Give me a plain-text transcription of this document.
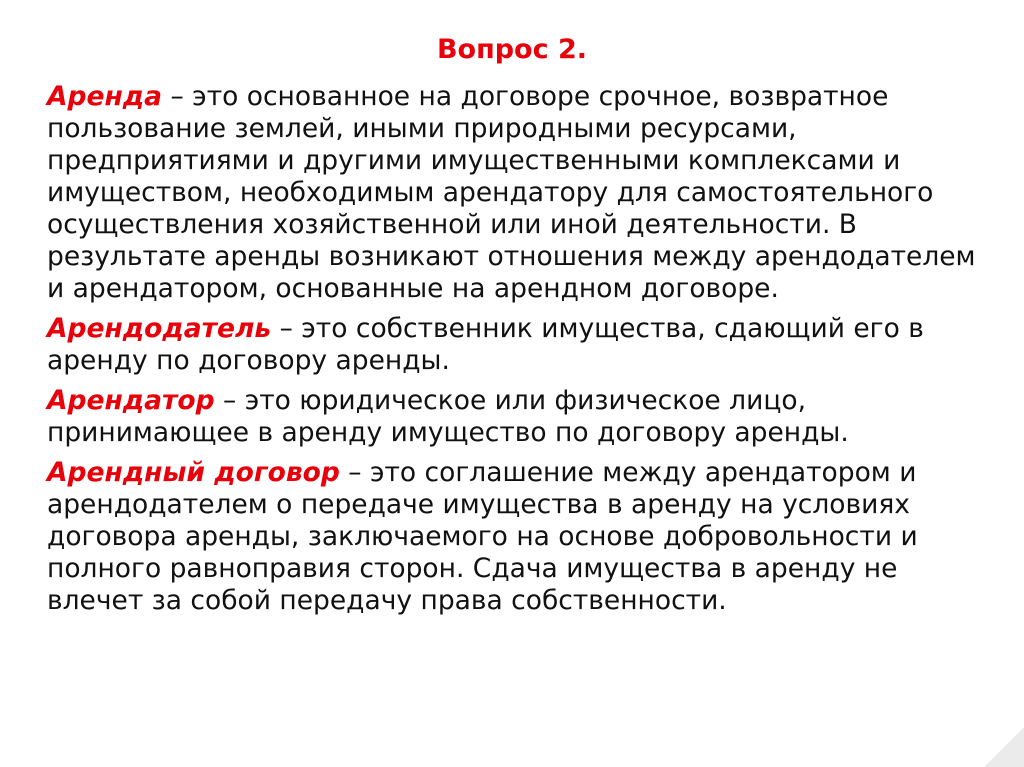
Вопрос 2.

Аренда – это основанное на договоре срочное, возвратное пользование землей, иными природными ресурсами, предприятиями и другими имущественными комплексами и имуществом, необходимым арендатору для самостоятельного осуществления хозяйственной или иной деятельности. В результате аренды возникают отношения между арендодателем и арендатором, основанные на арендном договоре.

Арендодатель – это собственник имущества, сдающий его в аренду по договору аренды.

Арендатор – это юридическое или физическое лицо, принимающее в аренду имущество по договору аренды.

Арендный договор – это соглашение между арендатором и арендодателем о передаче имущества в аренду на условиях договора аренды, заключаемого на основе добровольности и полного равноправия сторон. Сдача имущества в аренду не влечет за собой передачу права собственности.
